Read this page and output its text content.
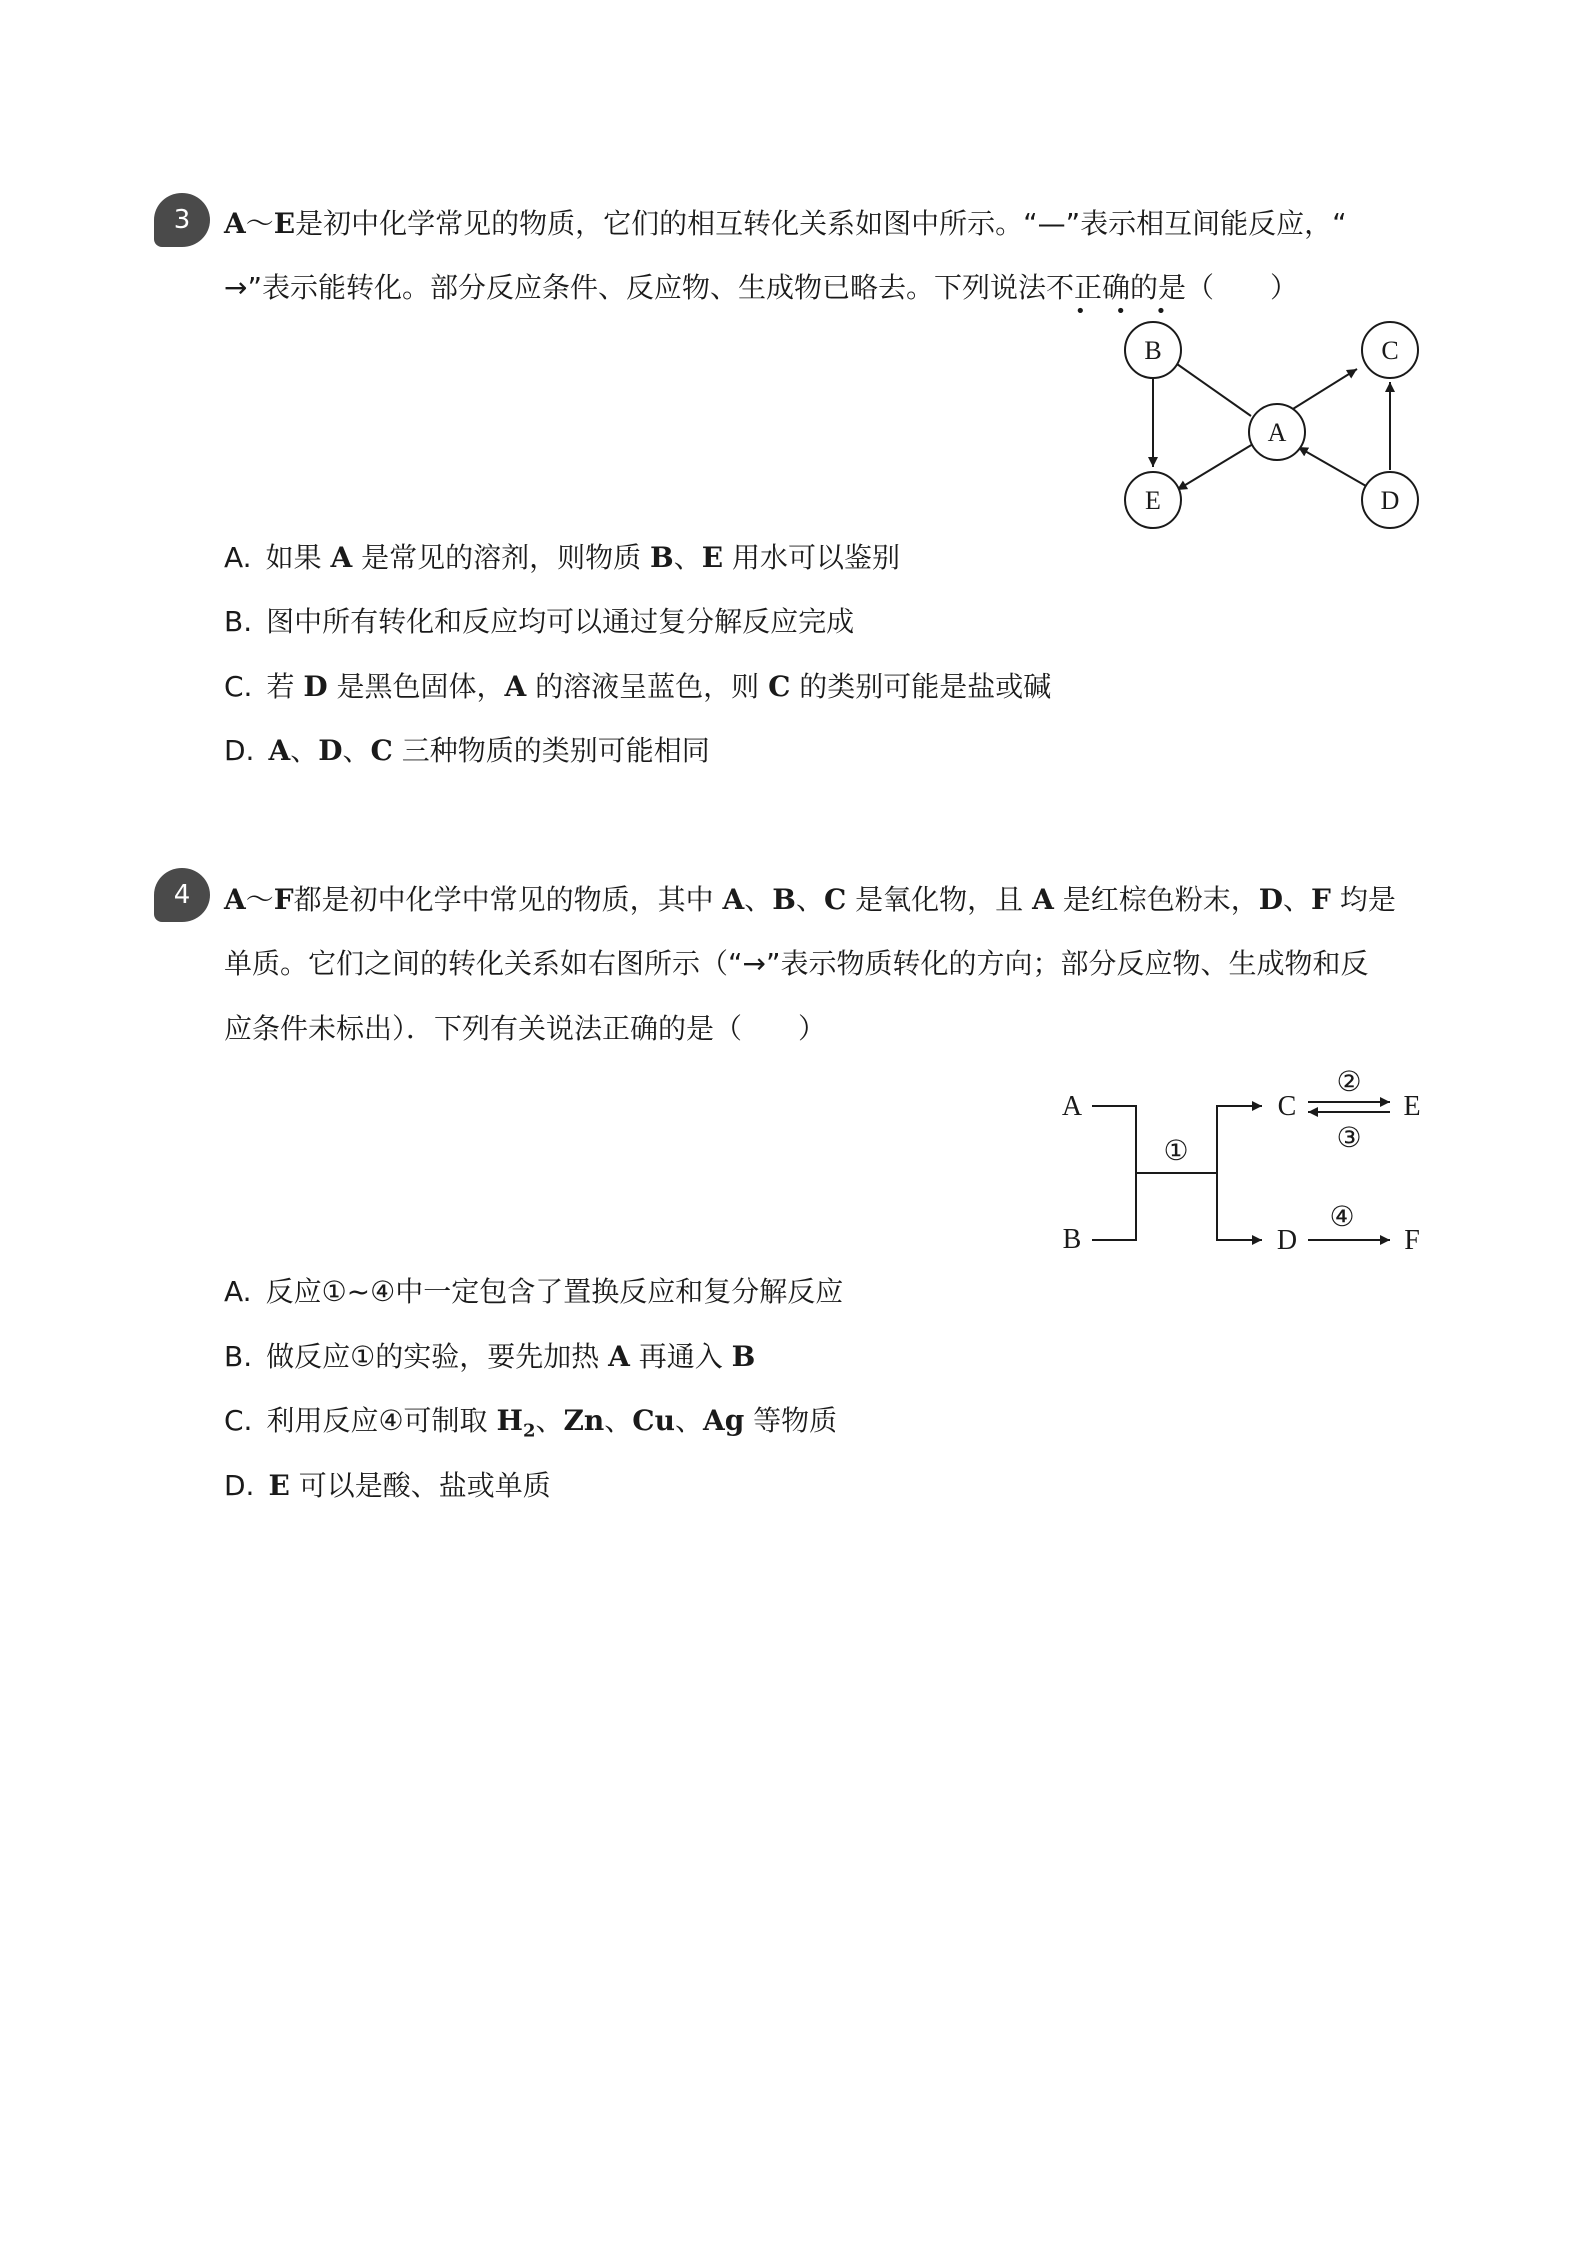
3	A～E是初中化学常见的物质，它们的相互转化关系如图中所示。“—”表示相互间能反应，“
→”表示能转化。部分反应条件、反应物、生成物已略去。下列说法不正确的是（　　）
• • •
B	C
A
E	D
A. 如果 A 是常见的溶剂，则物质 B、E 用水可以鉴别
B. 图中所有转化和反应均可以通过复分解反应完成
C. 若 D 是黑色固体，A 的溶液呈蓝色，则 C 的类别可能是盐或碱
D. A、D、C 三种物质的类别可能相同
4	A～F都是初中化学中常见的物质，其中 A、B、C 是氧化物，且 A 是红棕色粉末，D、F 均是
单质。它们之间的转化关系如右图所示（“→”表示物质转化的方向；部分反应物、生成物和反
应条件未标出）．下列有关说法正确的是（　　）
A
B
①
C
D
②
③
E
④
F
A. 反应①~④中一定包含了置换反应和复分解反应
B. 做反应①的实验，要先加热 A 再通入 B
C. 利用反应④可制取 $H_2$、Zn、Cu、Ag 等物质
D. E 可以是酸、盐或单质
